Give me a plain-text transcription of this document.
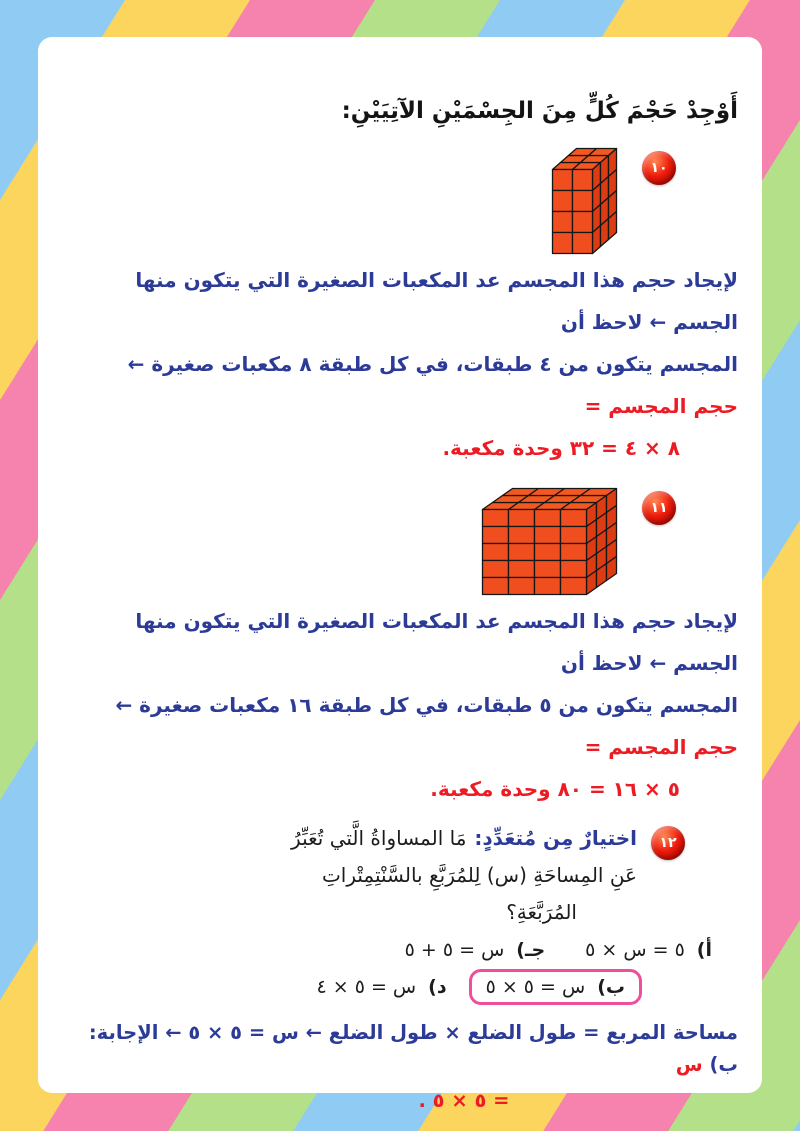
أَوْجِدْ حَجْمَ كُلٍّ مِنَ الجِسْمَيْنِ الآتِيَيْنِ:
١٠
لإيجاد حجم هذا المجسم عد المكعبات الصغيرة التي يتكون منها الجسم ← لاحظ أن
المجسم يتكون من ٤ طبقات، في كل طبقة ٨ مكعبات صغيرة ← حجم المجسم =
٨ × ٤ = ٣٢ وحدة مكعبة.
١١
لإيجاد حجم هذا المجسم عد المكعبات الصغيرة التي يتكون منها الجسم ← لاحظ أن
المجسم يتكون من ٥ طبقات، في كل طبقة ١٦ مكعبات صغيرة ← حجم المجسم =
٥ × ١٦ = ٨٠ وحدة مكعبة.
١٢
اختيارٌ مِن مُتعَدِّدٍ:مَا المساواةُ الَّتي تُعَبِّرُ
عَنِ المِساحَةِ (س) لِلمُرَبَّعِ بالسَّنْتِمِتْراتِ
المُرَبَّعَةِ؟
أ)٥ = س × ٥
جـ)س = ٥ + ٥
ب)س = ٥ × ٥
د)س = ٥ × ٤
مساحة المربع = طول الضلع × طول الضلع ← س = ٥ × ٥ ← الإجابة: ب) س
= ٥ × ٥ .
